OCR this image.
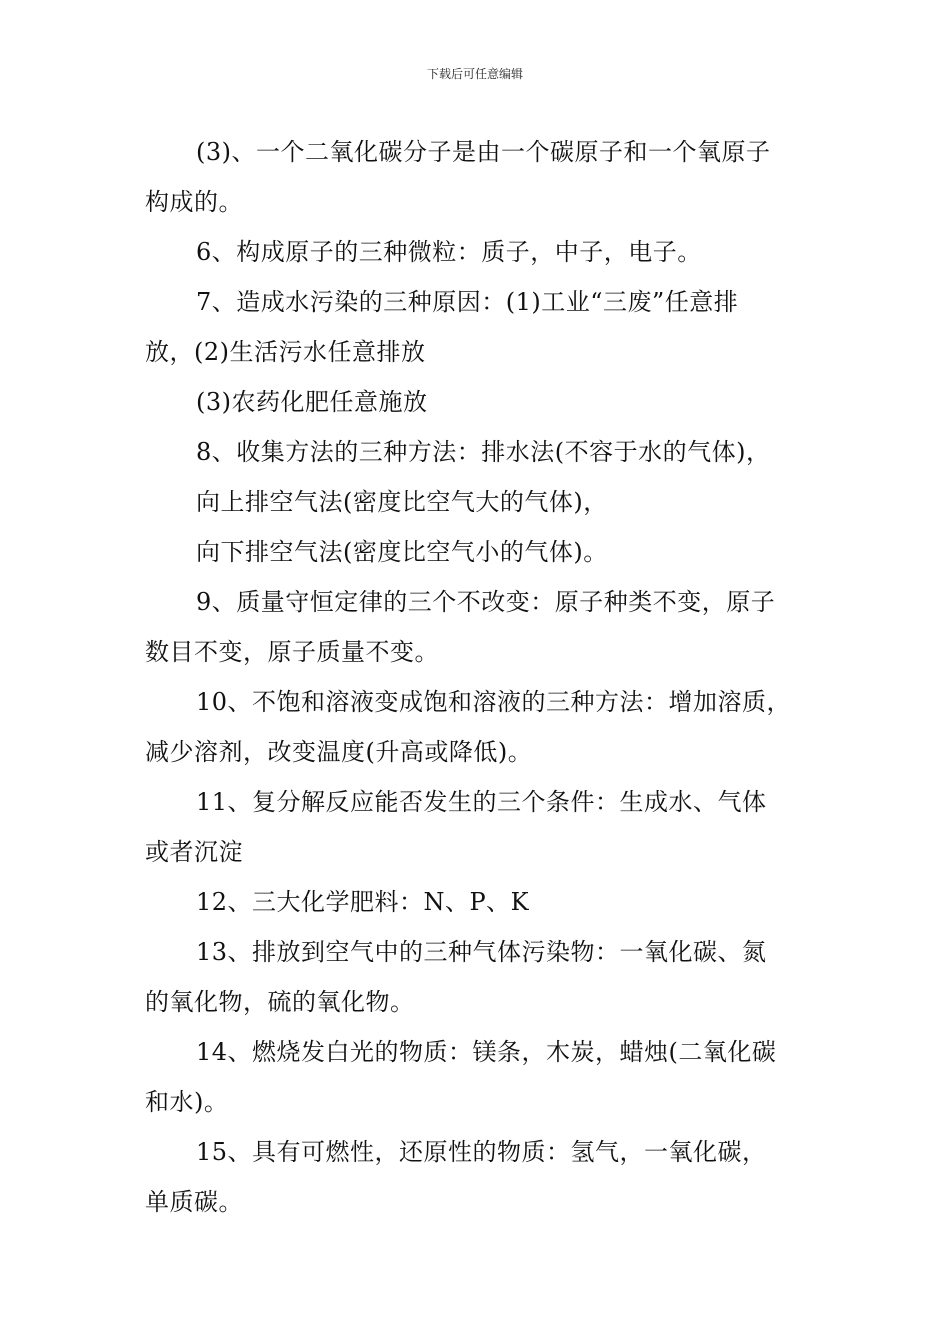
下载后可任意编辑
(3)、一个二氧化碳分子是由一个碳原子和一个氧原子
构成的。
6、构成原子的三种微粒：质子，中子，电子。
7、造成水污染的三种原因：(1)工业“三废”任意排
放，(2)生活污水任意排放
(3)农药化肥任意施放
8、收集方法的三种方法：排水法(不容于水的气体)，
向上排空气法(密度比空气大的气体)，
向下排空气法(密度比空气小的气体)。
9、质量守恒定律的三个不改变：原子种类不变，原子
数目不变，原子质量不变。
10、不饱和溶液变成饱和溶液的三种方法：增加溶质，
减少溶剂，改变温度(升高或降低)。
11、复分解反应能否发生的三个条件：生成水、气体
或者沉淀
12、三大化学肥料：N、P、K
13、排放到空气中的三种气体污染物：一氧化碳、氮
的氧化物，硫的氧化物。
14、燃烧发白光的物质：镁条，木炭，蜡烛(二氧化碳
和水)。
15、具有可燃性，还原性的物质：氢气，一氧化碳，
单质碳。
